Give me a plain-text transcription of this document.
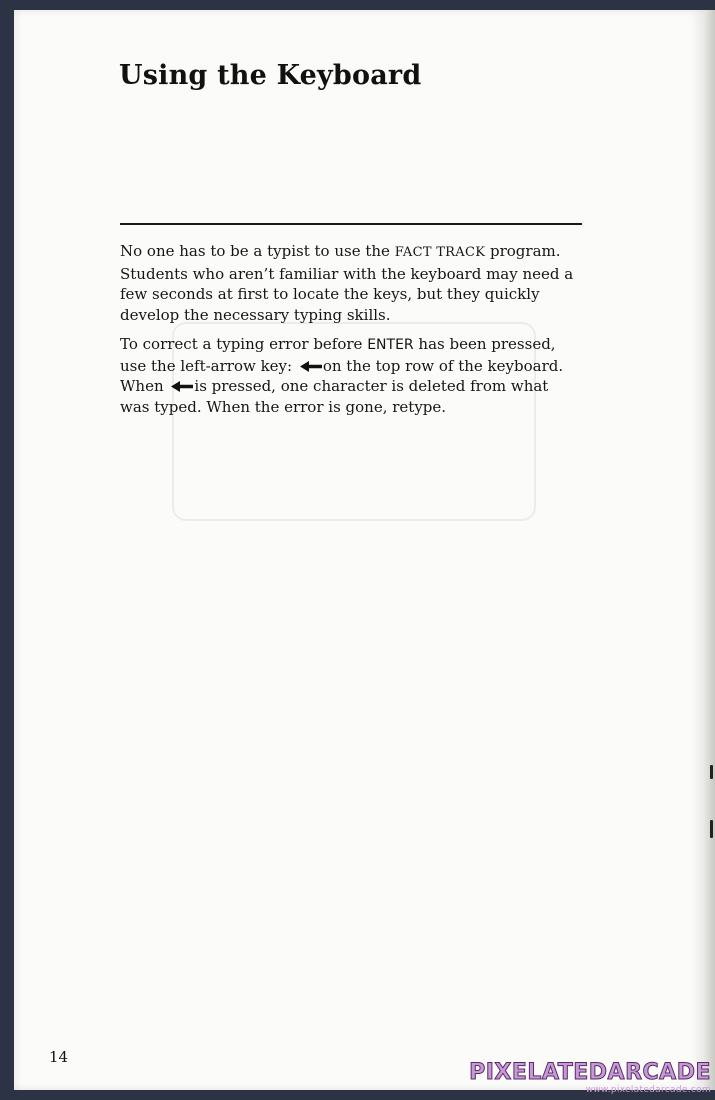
Using the Keyboard

No one has to be a typist to use the FACT TRACK program. Students who aren’t familiar with the keyboard may need a few seconds at first to locate the keys, but they quickly develop the necessary typing skills.

To correct a typing error before ENTER has been pressed, use the left-arrow key:
on the top row of the keyboard. When
is pressed, one character is deleted from what was typed. When the error is gone, retype.

14
PIXELATEDARCADE
www.pixelatedarcade.com
